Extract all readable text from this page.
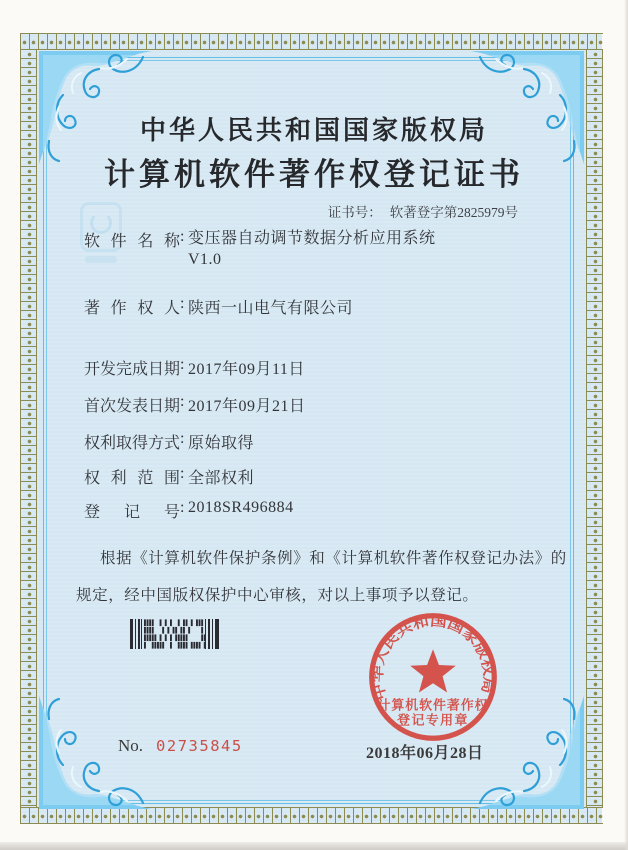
中华人民共和国国家版权局
计算机软件著作权登记证书
证书号： 软著登字第2825979号
软件名称: 变压器自动调节数据分析应用系统
V1.0
著作权人: 陕西一山电气有限公司
开发完成日期: 2017年09月11日
首次发表日期: 2017年09月21日
权利取得方式: 原始取得
权利范围: 全部权利
登记号: 2018SR496884
根据《计算机软件保护条例》和《计算机软件著作权登记办法》的
规定，经中国版权保护中心审核，对以上事项予以登记。
No. 02735845	2018年06月28日
中华人民共和国国家版权局
计算机软件著作权
登记专用章
